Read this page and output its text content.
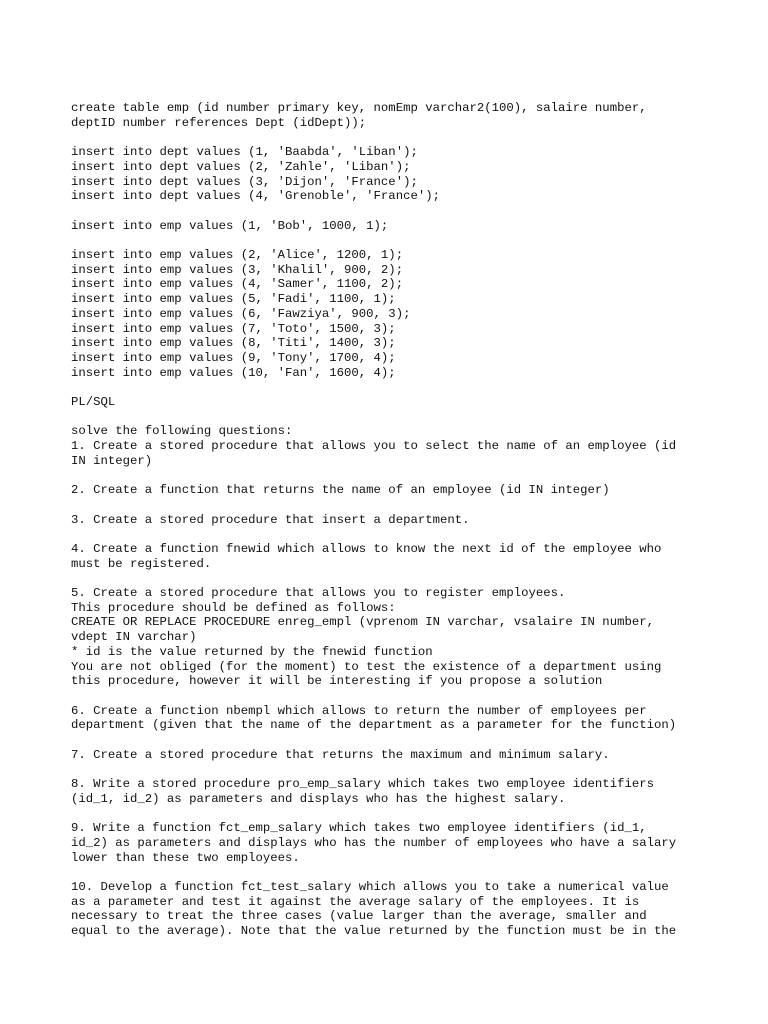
create table emp (id number primary key, nomEmp varchar2(100), salaire number,
deptID number references Dept (idDept));
insert into dept values (1, 'Baabda', 'Liban');
insert into dept values (2, 'Zahle', 'Liban');
insert into dept values (3, 'Dijon', 'France');
insert into dept values (4, 'Grenoble', 'France');
insert into emp values (1, 'Bob', 1000, 1);
insert into emp values (2, 'Alice', 1200, 1);
insert into emp values (3, 'Khalil', 900, 2);
insert into emp values (4, 'Samer', 1100, 2);
insert into emp values (5, 'Fadi', 1100, 1);
insert into emp values (6, 'Fawziya', 900, 3);
insert into emp values (7, 'Toto', 1500, 3);
insert into emp values (8, 'Titi', 1400, 3);
insert into emp values (9, 'Tony', 1700, 4);
insert into emp values (10, 'Fan', 1600, 4);
PL/SQL
solve the following questions:
1. Create a stored procedure that allows you to select the name of an employee (id
IN integer)
2. Create a function that returns the name of an employee (id IN integer)
3. Create a stored procedure that insert a department.
4. Create a function fnewid which allows to know the next id of the employee who
must be registered.
5. Create a stored procedure that allows you to register employees.
This procedure should be defined as follows:
CREATE OR REPLACE PROCEDURE enreg_empl (vprenom IN varchar, vsalaire IN number,
vdept IN varchar)
* id is the value returned by the fnewid function
You are not obliged (for the moment) to test the existence of a department using
this procedure, however it will be interesting if you propose a solution
6. Create a function nbempl which allows to return the number of employees per
department (given that the name of the department as a parameter for the function)
7. Create a stored procedure that returns the maximum and minimum salary.
8. Write a stored procedure pro_emp_salary which takes two employee identifiers
(id_1, id_2) as parameters and displays who has the highest salary.
9. Write a function fct_emp_salary which takes two employee identifiers (id_1,
id_2) as parameters and displays who has the number of employees who have a salary
lower than these two employees.
10. Develop a function fct_test_salary which allows you to take a numerical value
as a parameter and test it against the average salary of the employees. It is
necessary to treat the three cases (value larger than the average, smaller and
equal to the average). Note that the value returned by the function must be in the
